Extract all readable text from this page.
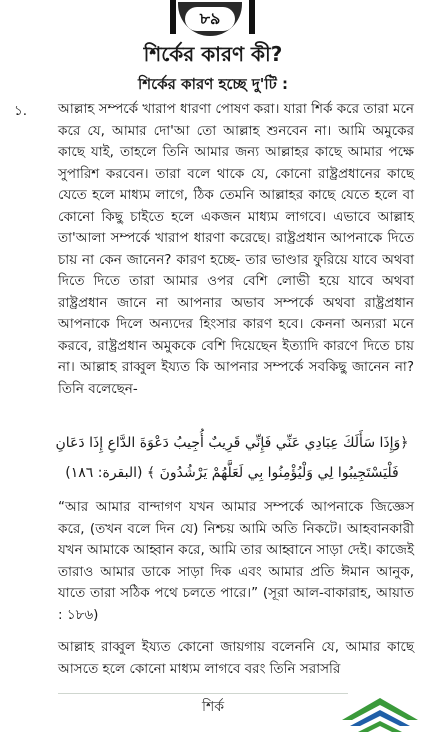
৮৯
শির্কের কারণ কী?
শির্কের কারণ হচ্ছে দু'টি :
১. আল্লাহ সম্পর্কে খারাপ ধারণা পোষণ করা। যারা শির্ক করে তারা মনে করে যে, আমার দো'আ তো আল্লাহ শুনবেন না। আমি অমুকের কাছে যাই, তাহলে তিনি আমার জন্য আল্লাহর কাছে আমার পক্ষে সুপারিশ করবেন। তারা বলে থাকে যে, কোনো রাষ্ট্রপ্রধানের কাছে যেতে হলে মাধ্যম লাগে, ঠিক তেমনি আল্লাহর কাছে যেতে হলে বা কোনো কিছু চাইতে হলে একজন মাধ্যম লাগবে। এভাবে আল্লাহ তা'আলা সম্পর্কে খারাপ ধারণা করেছে। রাষ্ট্রপ্রধান আপনাকে দিতে চায় না কেন জানেন? কারণ হচ্ছে- তার ভাণ্ডার ফুরিয়ে যাবে অথবা দিতে দিতে তারা আমার ওপর বেশি লোভী হয়ে যাবে অথবা রাষ্ট্রপ্রধান জানে না আপনার অভাব সম্পর্কে অথবা রাষ্ট্রপ্রধান আপনাকে দিলে অন্যদের হিংসার কারণ হবে। কেননা অন্যরা মনে করবে, রাষ্ট্রপ্রধান অমুককে বেশি দিয়েছেন ইত্যাদি কারণে দিতে চায় না। আল্লাহ রাব্বুল ইয্যত কি আপনার সম্পর্কে সবকিছু জানেন না? তিনি বলেছেন-

﴿وَإِذَا سَأَلَكَ عِبَادِي عَنِّي فَإِنِّي قَرِيبٌ أُجِيبُ دَعْوَةَ الدَّاعِ إِذَا دَعَانِ

فَلْيَسْتَجِيبُوا لِي وَلْيُؤْمِنُوا بِي لَعَلَّهُمْ يَرْشُدُونَ ﴾ (البقرة: ١٨٦)

“আর আমার বান্দাগণ যখন আমার সম্পর্কে আপনাকে জিজ্ঞেস করে, (তখন বলে দিন যে) নিশ্চয় আমি অতি নিকটে। আহবানকারী যখন আমাকে আহ্বান করে, আমি তার আহ্বানে সাড়া দেই। কাজেই তারাও আমার ডাকে সাড়া দিক এবং আমার প্রতি ঈমান আনুক, যাতে তারা সঠিক পথে চলতে পারে।” (সূরা আল-বাকারাহ, আয়াত : ১৮৬)

আল্লাহ রাব্বুল ইয্যত কোনো জায়গায় বলেননি যে, আমার কাছে আসতে হলে কোনো মাধ্যম লাগবে বরং তিনি সরাসরি

শির্ক
